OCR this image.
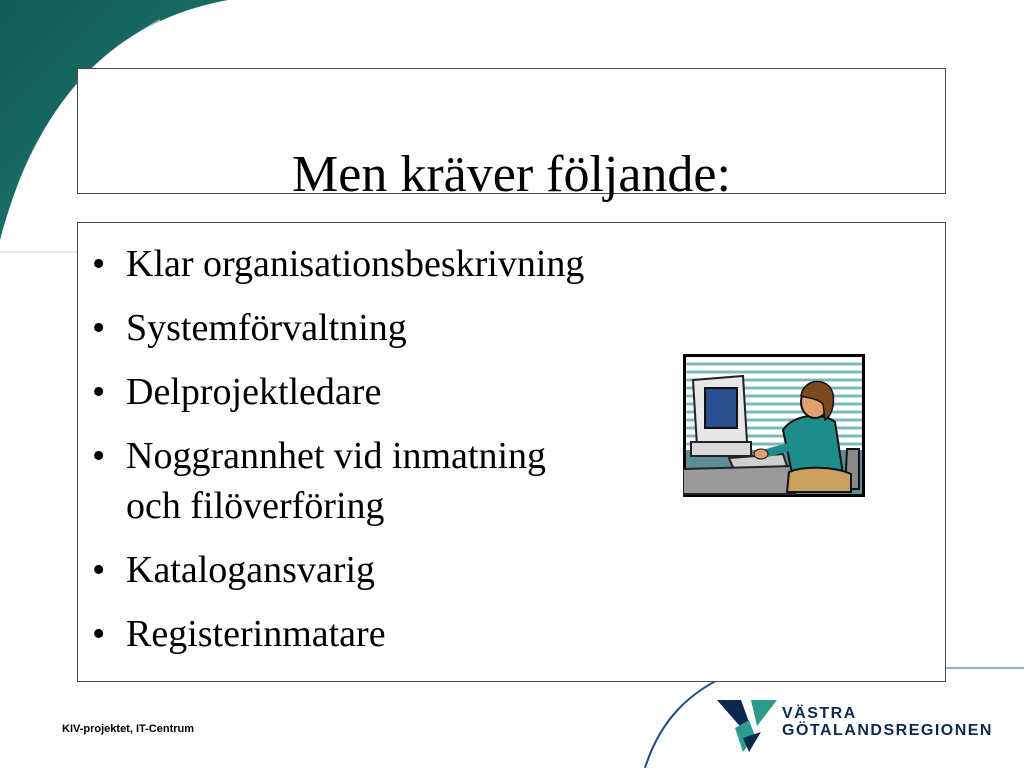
Men kräver följande:
• Klar organisationsbeskrivning
• Systemförvaltning
• Delprojektledare
• Noggrannhet vid inmatning
och filöverföring
• Katalogansvarig
• Registerinmatare
KIV-projektet, IT-Centrum
VÄSTRA
GÖTALANDSREGIONEN
